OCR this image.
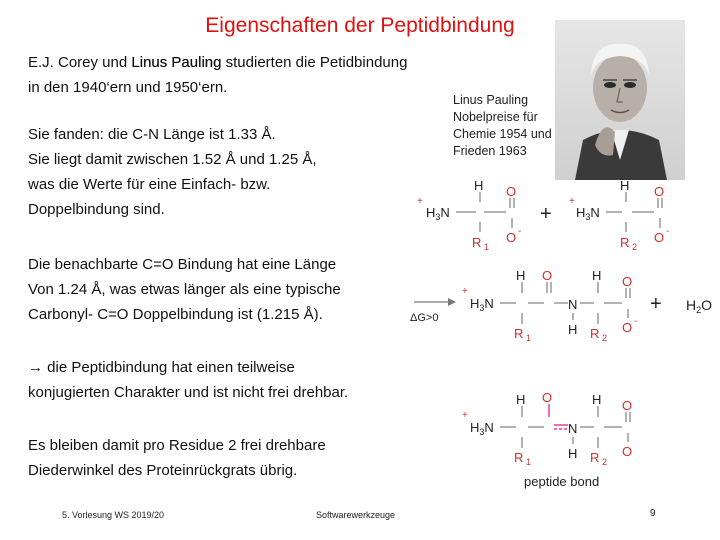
Eigenschaften der Peptidbindung
E.J. Corey und Linus Pauling studierten die Petidbindung
in den 1940‘ern und 1950‘ern.
Sie fanden: die C-N Länge ist 1.33 Å.
Sie liegt damit zwischen 1.52 Å und 1.25 Å,
was die Werte für eine Einfach- bzw.
Doppelbindung sind.
Die benachbarte C=O Bindung hat eine Länge
Von 1.24 Å, was etwas länger als eine typische
Carbonyl- C=O Doppelbindung ist (1.215 Å).
→ die Peptidbindung hat einen teilweise
konjugierten Charakter und ist nicht frei drehbar.
Es bleiben damit pro Residue 2 frei drehbare
Diederwinkel des Proteinrückgrats übrig.
Linus Pauling
Nobelpreise für
Chemie 1954 und
Frieden 1963
+
$H_3N$
H
R 1
O
O -
+
+
$H_3N$
H
R 2
O
O -
ΔG>0
+
$H_3N$
H
R 1
O
N
H
H
R 2
O
O -
+ $H_2O$
+
$H_3N$
H
R 1
O
N
H
H
R 2
O
O
peptide bond
5. Vorlesung WS 2019/20	Softwarewerkzeuge	9
